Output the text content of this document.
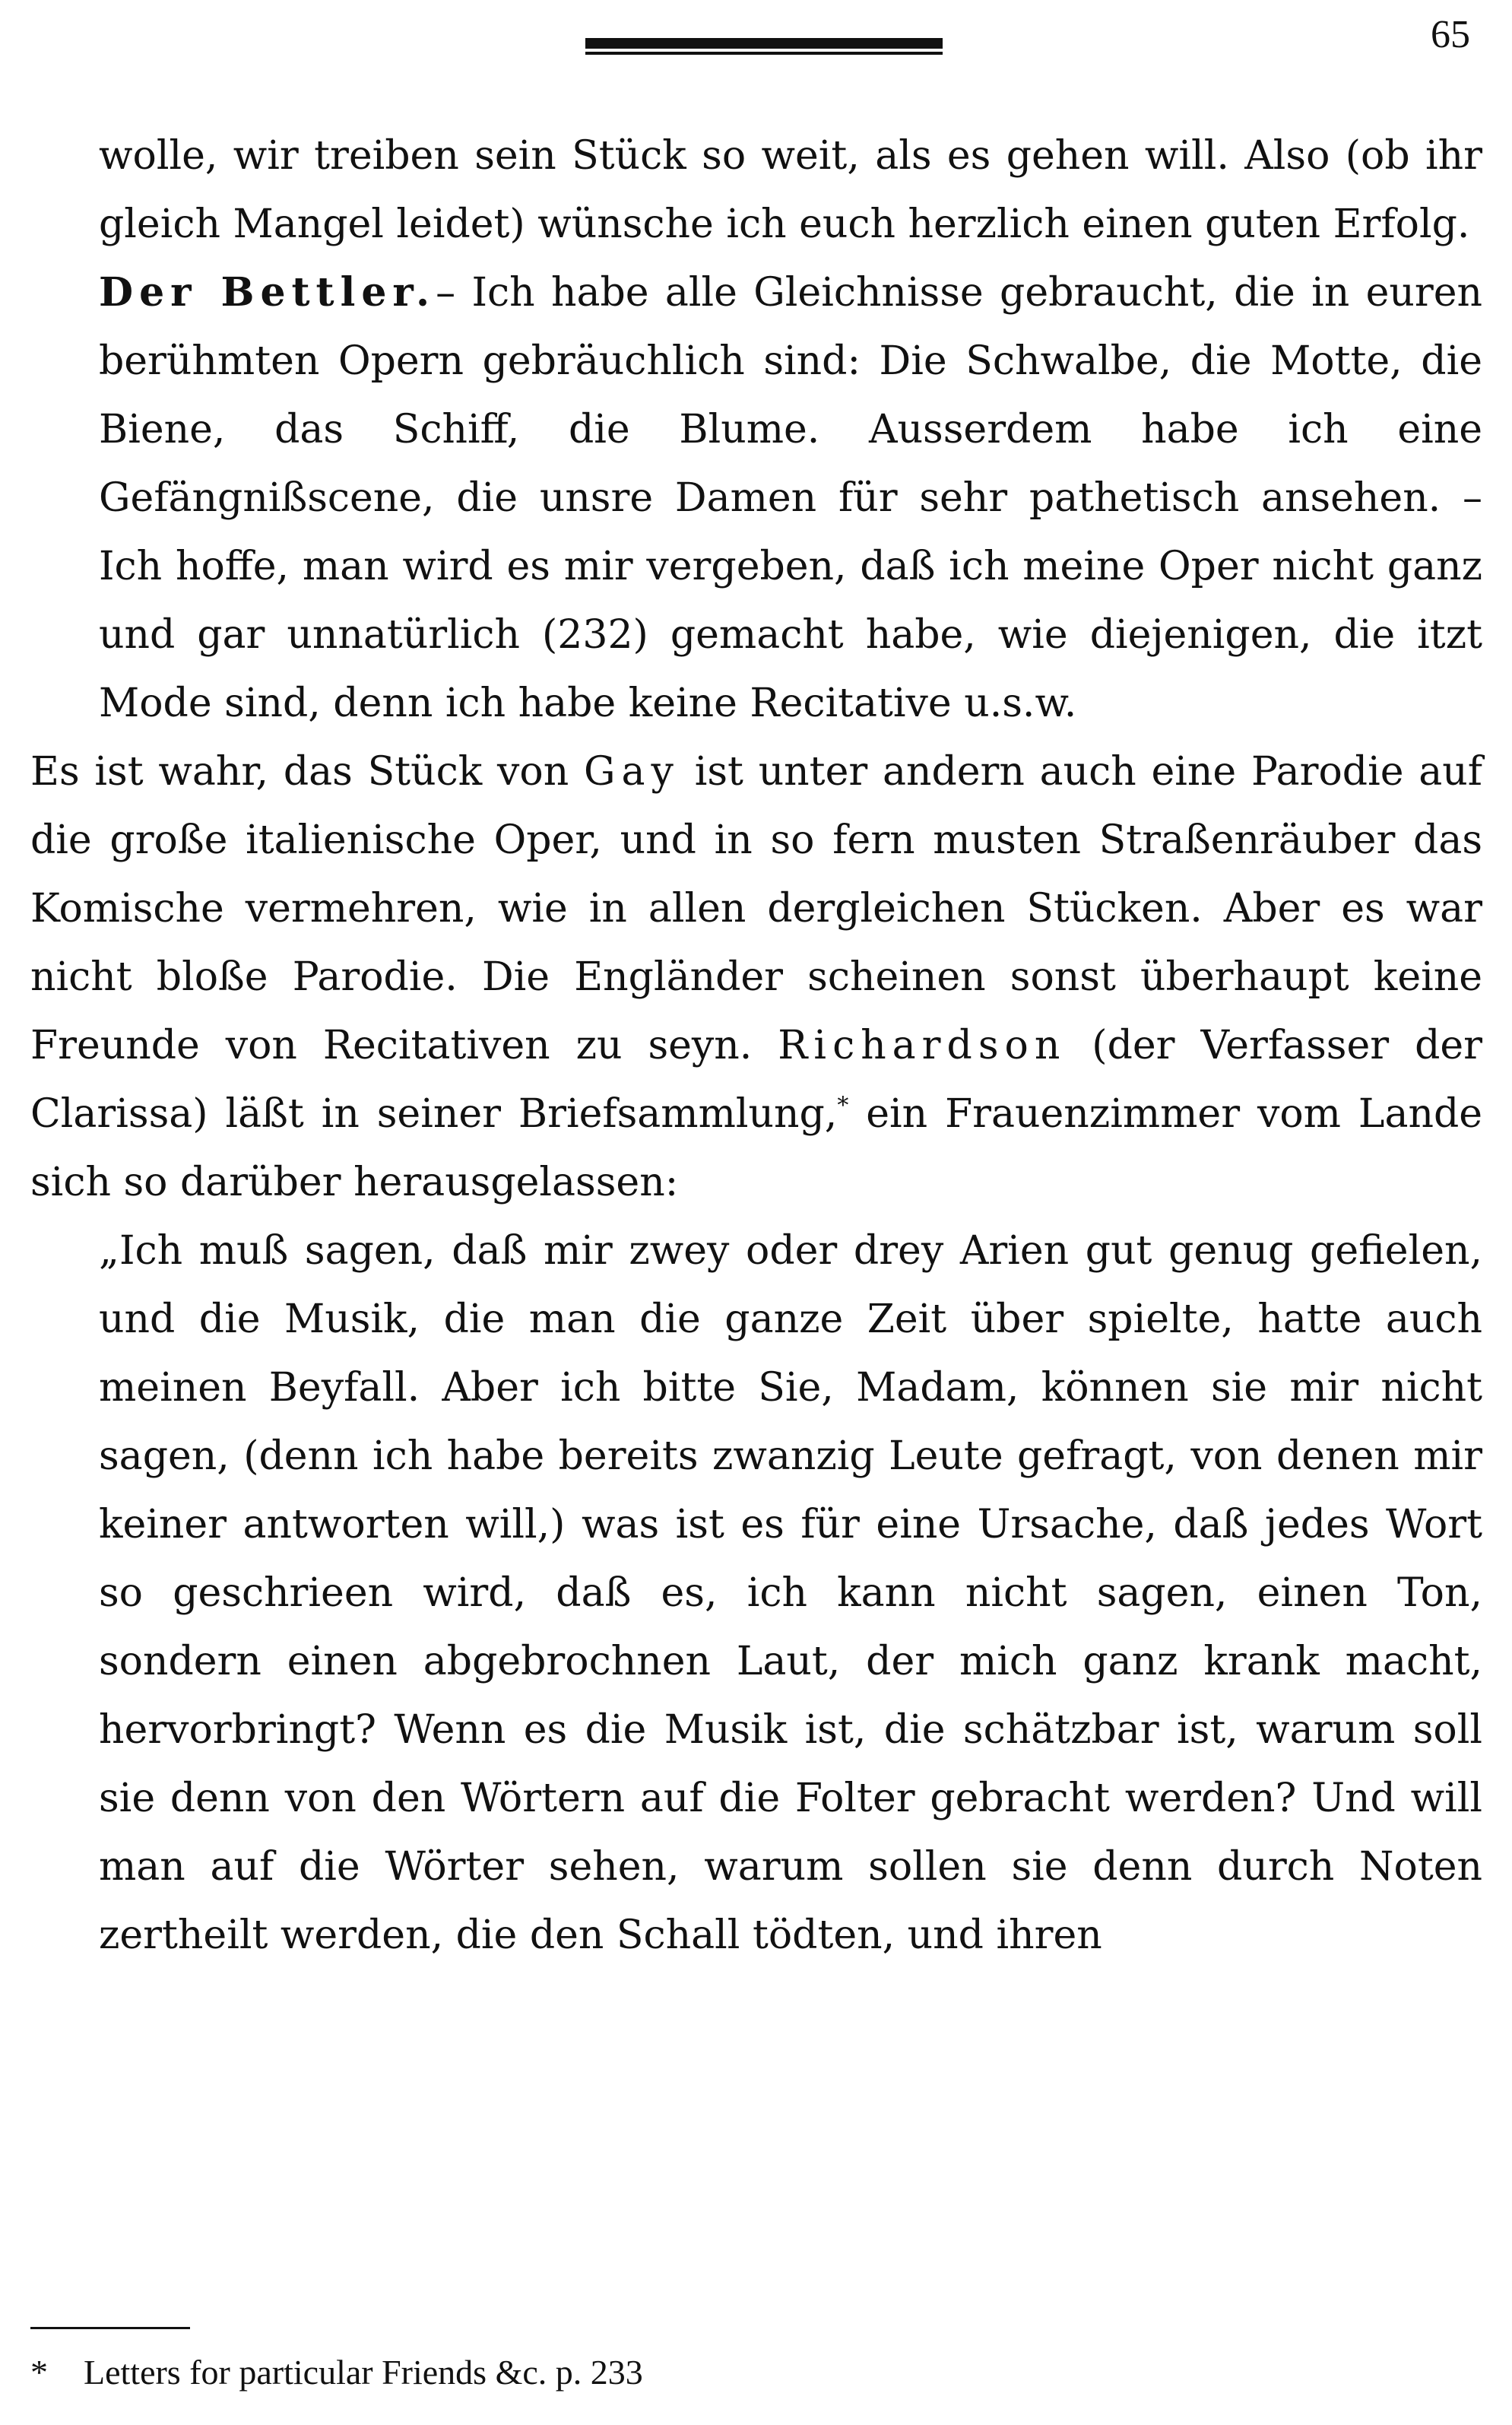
65

wolle, wir treiben sein Stück so weit, als es gehen will. Also (ob ihr gleich Mangel leidet) wünsche ich euch herzlich einen guten Erfolg.

Der Bettler.– Ich habe alle Gleichnisse gebraucht, die in euren berühmten Opern gebräuchlich sind: Die Schwalbe, die Motte, die Biene, das Schiff, die Blume. Ausserdem habe ich eine Gefängnißscene, die unsre Damen für sehr pathetisch ansehen. – Ich hoffe, man wird es mir vergeben, daß ich meine Oper nicht ganz und gar unnatürlich (232) gemacht habe, wie diejenigen, die itzt Mode sind, denn ich habe keine Recitative u.s.w.

Es ist wahr, das Stück von Gay ist unter andern auch eine Parodie auf die große italienische Oper, und in so fern musten Straßenräuber das Komische vermehren, wie in allen dergleichen Stücken. Aber es war nicht bloße Parodie. Die Engländer scheinen sonst überhaupt keine Freunde von Recitativen zu seyn. Richardson (der Verfasser der Clarissa) läßt in seiner Briefsammlung,* ein Frauenzimmer vom Lande sich so darüber herausgelassen:

„Ich muß sagen, daß mir zwey oder drey Arien gut genug gefielen, und die Musik, die man die ganze Zeit über spielte, hatte auch meinen Beyfall. Aber ich bitte Sie, Madam, können sie mir nicht sagen, (denn ich habe bereits zwanzig Leute gefragt, von denen mir keiner antworten will,) was ist es für eine Ursache, daß jedes Wort so geschrieen wird, daß es, ich kann nicht sagen, einen Ton, sondern einen abgebrochnen Laut, der mich ganz krank macht, hervorbringt? Wenn es die Musik ist, die schätzbar ist, warum soll sie denn von den Wörtern auf die Folter gebracht werden? Und will man auf die Wörter sehen, warum sollen sie denn durch Noten zertheilt werden, die den Schall tödten, und ihren

* Letters for particular Friends &c. p. 233
